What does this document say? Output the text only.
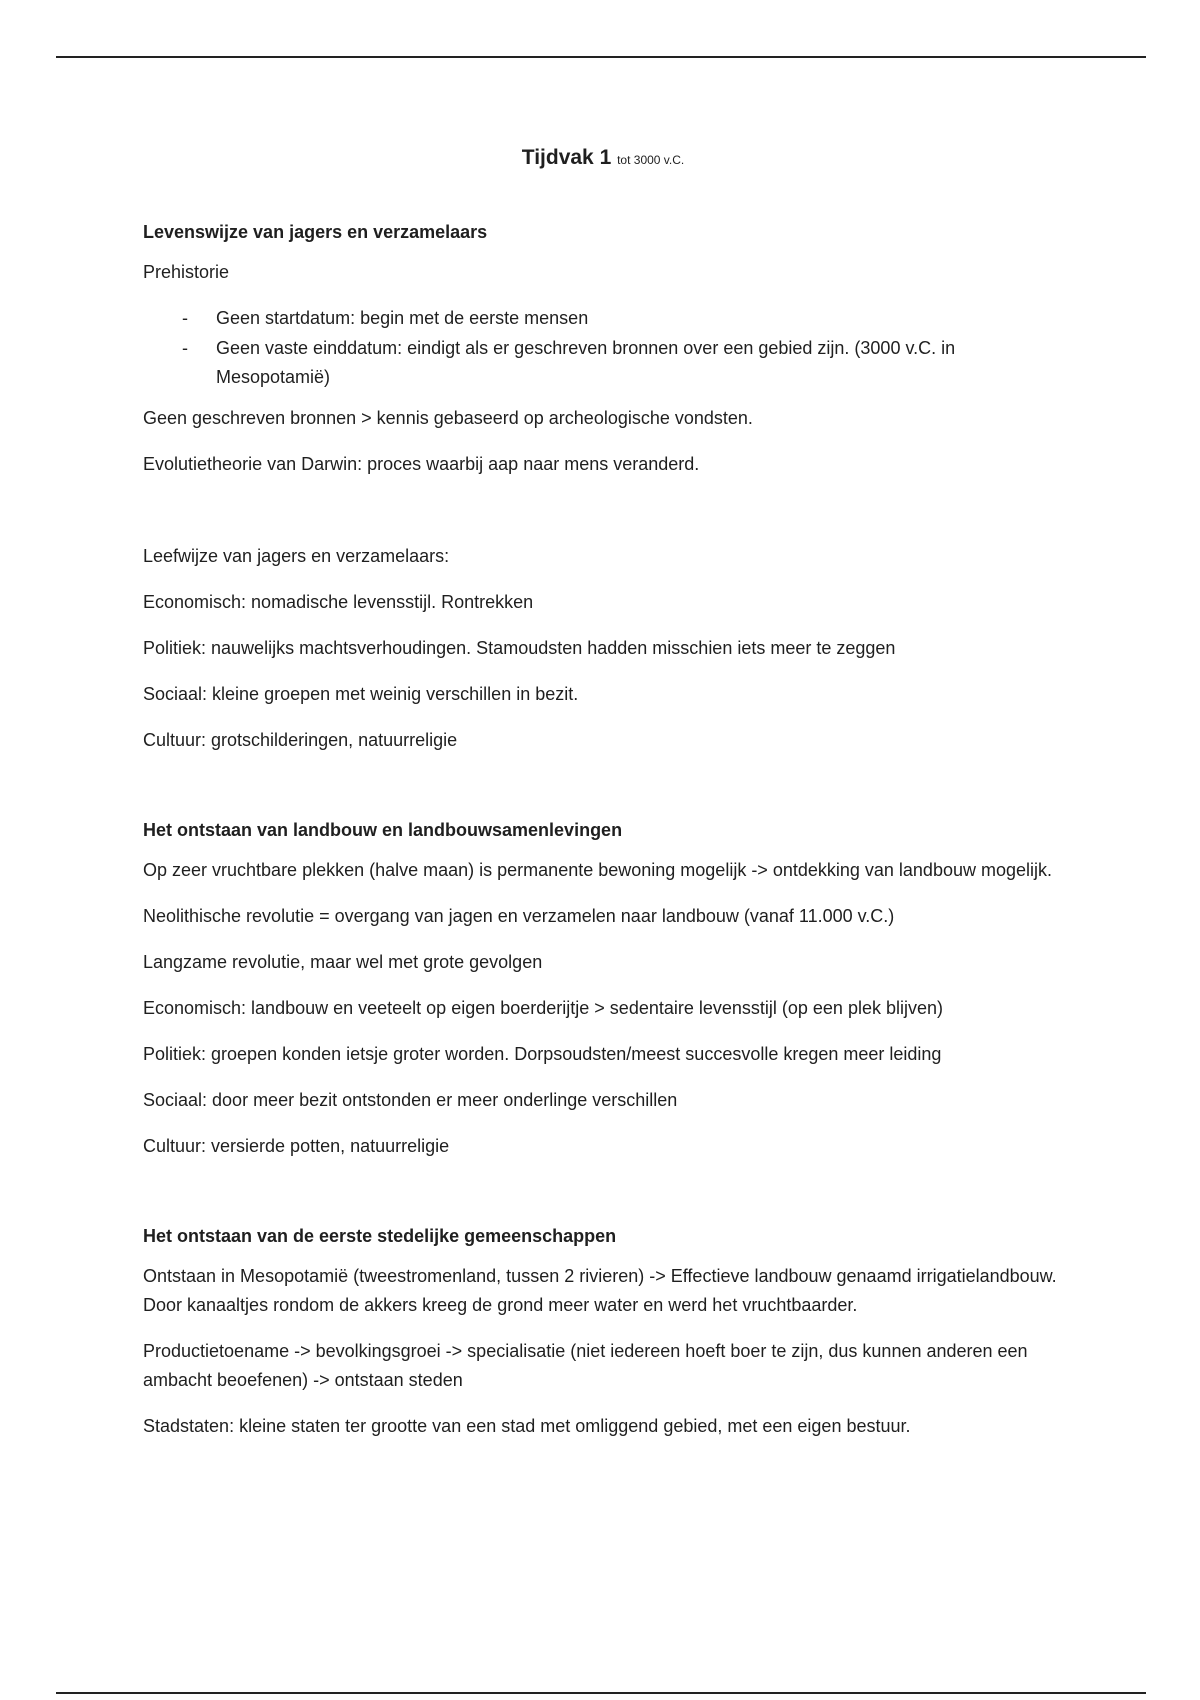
Tijdvak 1 tot 3000 v.C.
Levenswijze van jagers en verzamelaars

Prehistorie

- Geen startdatum: begin met de eerste mensen
- Geen vaste einddatum: eindigt als er geschreven bronnen over een gebied zijn. (3000 v.C. in Mesopotamië)

Geen geschreven bronnen > kennis gebaseerd op archeologische vondsten.

Evolutietheorie van Darwin: proces waarbij aap naar mens veranderd.

Leefwijze van jagers en verzamelaars:

Economisch: nomadische levensstijl. Rontrekken

Politiek: nauwelijks machtsverhoudingen. Stamoudsten hadden misschien iets meer te zeggen

Sociaal: kleine groepen met weinig verschillen in bezit.

Cultuur: grotschilderingen, natuurreligie

Het ontstaan van landbouw en landbouwsamenlevingen

Op zeer vruchtbare plekken (halve maan) is permanente bewoning mogelijk -> ontdekking van landbouw mogelijk.

Neolithische revolutie = overgang van jagen en verzamelen naar landbouw (vanaf 11.000 v.C.)

Langzame revolutie, maar wel met grote gevolgen

Economisch: landbouw en veeteelt op eigen boerderijtje > sedentaire levensstijl (op een plek blijven)

Politiek: groepen konden ietsje groter worden. Dorpsoudsten/meest succesvolle kregen meer leiding

Sociaal: door meer bezit ontstonden er meer onderlinge verschillen

Cultuur: versierde potten, natuurreligie

Het ontstaan van de eerste stedelijke gemeenschappen

Ontstaan in Mesopotamië (tweestromenland, tussen 2 rivieren) -> Effectieve landbouw genaamd irrigatielandbouw. Door kanaaltjes rondom de akkers kreeg de grond meer water en werd het vruchtbaarder.

Productietoename -> bevolkingsgroei -> specialisatie (niet iedereen hoeft boer te zijn, dus kunnen anderen een ambacht beoefenen) -> ontstaan steden

Stadstaten: kleine staten ter grootte van een stad met omliggend gebied, met een eigen bestuur.
